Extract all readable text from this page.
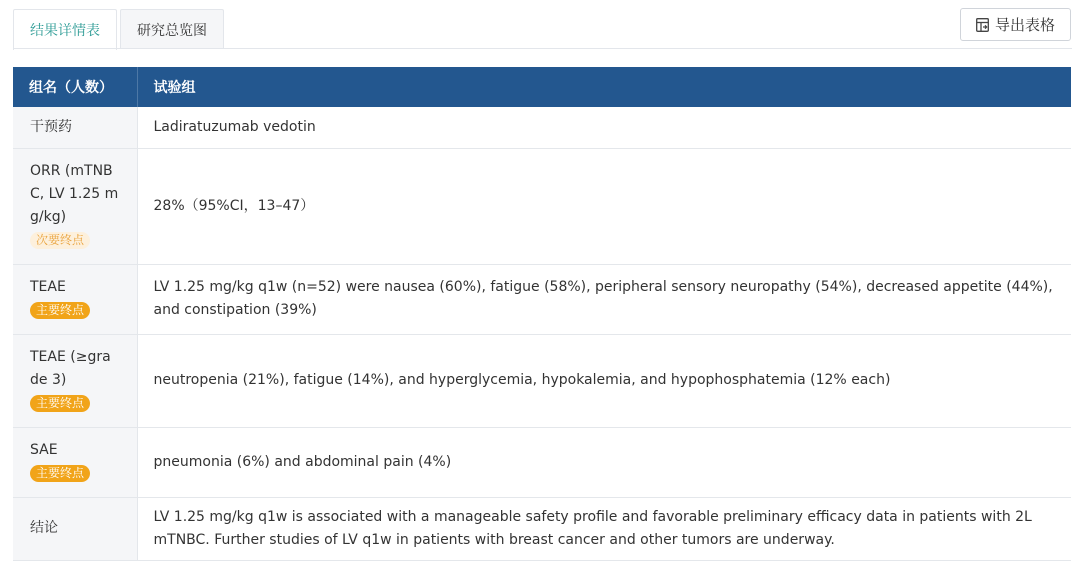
结果详情表	研究总览图	导出表格
组名（人数）	试验组

干预药	Ladiratuzumab vedotin

ORR (mTNBC, LV 1.25 mg/kg)
次要终点	28%（95%CI，13–47）

TEAE
主要终点	LV 1.25 mg/kg q1w (n=52) were nausea (60%), fatigue (58%), peripheral sensory neuropathy (54%), decreased appetite (44%), and constipation (39%)

TEAE (≥grade 3)
主要终点	neutropenia (21%), fatigue (14%), and hyperglycemia, hypokalemia, and hypophosphatemia (12% each)

SAE
主要终点	pneumonia (6%) and abdominal pain (4%)

结论	LV 1.25 mg/kg q1w is associated with a manageable safety profile and favorable preliminary efficacy data in patients with 2L mTNBC. Further studies of LV q1w in patients with breast cancer and other tumors are underway.
